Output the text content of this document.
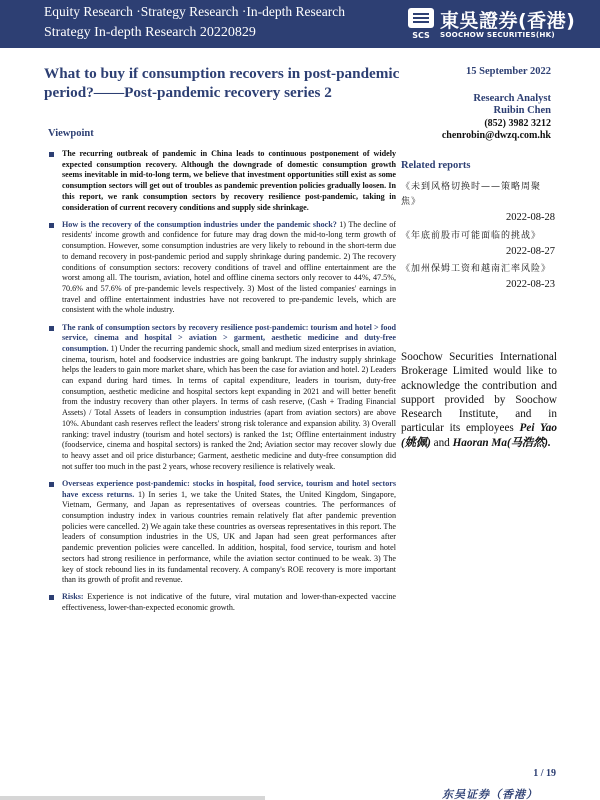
Equity Research ·Strategy Research ·In-depth Research
Strategy In-depth Research 20220829	SCS
東吳證券(香港)
SOOCHOW SECURITIES(HK)
What to buy if consumption recovers in post-pandemic period?——Post-pandemic recovery series 2
Viewpoint

The recurring outbreak of pandemic in China leads to continuous postponement of widely expected consumption recovery. Although the downgrade of domestic consumption growth seems inevitable in mid-to-long term, we believe that investment opportunities still exist as some consumption sectors will get out of troubles as pandemic prevention policies gradually loosen. In this report, we rank consumption sectors by recovery resilience post-pandemic, taking in consideration of current recovery conditions and supply side shrinkage.

How is the recovery of the consumption industries under the pandemic shock? 1) The decline of residents' income growth and confidence for future may drag down the mid-to-long term growth of consumption. However, some consumption industries are very likely to rebound in the short-term due to demand recovery in post-pandemic period and supply shrinkage during pandemic. 2) The recovery conditions of consumption sectors: recovery conditions of travel and offline entertainment are the worst among all. The tourism, aviation, hotel and offline cinema sectors only recover to 44%, 47.5%, 70.6% and 57.6% of pre-pandemic levels respectively. 3) Most of the listed companies' earnings in travel and offline entertainment industries have not recovered to pre-pandemic levels, which are consistent with the whole industry.

The rank of consumption sectors by recovery resilience post-pandemic: tourism and hotel > food service, cinema and hospital > aviation > garment, aesthetic medicine and duty-free consumption. 1) Under the recurring pandemic shock, small and medium sized enterprises in aviation, cinema, tourism, hotel and foodservice industries are going bankrupt. The industry supply shrinkage helps the leaders to gain more market share, which has been the case for aviation and hotel. 2) Leaders can expand during hard times. In terms of capital expenditure, leaders in tourism, duty-free consumption, aesthetic medicine and hospital sectors kept expanding in 2021 and will better benefit from the industry recovery than other players. In terms of cash reserve, (Cash + Trading Financial Assets) / Total Assets of leaders in consumption industries (apart from aviation sectors) are above 10%. Abundant cash reserves reflect the leaders' strong risk tolerance and expansion ability. 3) Overall ranking: travel industry (tourism and hotel sectors) is ranked the 1st; Offline entertainment industry (foodservice, cinema and hospital sectors) is ranked the 2nd; Aviation sector may recover slowly due to heavy asset and oil price disturbance; Garment, aesthetic medicine and duty-free consumption did not suffer too much in the past 2 years, whose recovery resilience is relatively weak.

Overseas experience post-pandemic: stocks in hospital, food service, tourism and hotel sectors have excess returns. 1) In series 1, we take the United States, the United Kingdom, Singapore, Vietnam, Germany, and Japan as representatives of overseas countries. The performances of consumption industry index in various countries remain relatively flat after pandemic prevention policies were cancelled. 2) We again take these countries as overseas representatives in this report. The leaders of consumption industries in the US, UK and Japan had seen great performances after pandemic prevention policies were cancelled. In addition, hospital, food service, tourism and hotel sectors had strong resilience in performance, while the aviation sector continued to be weak. 3) The key of stock rebound lies in its fundamental recovery. A company's ROE recovery is more important than its growth of profit and revenue.

Risks: Experience is not indicative of the future, viral mutation and lower-than-expected vaccine effectiveness, lower-than-expected economic growth.

15 September 2022
Research Analyst
Ruibin Chen
(852) 3982 3212
chenrobin@dwzq.com.hk
Related reports
《未到风格切换时——策略周聚焦》
2022-08-28
《年底前股市可能面临的挑战》
2022-08-27
《加州保姆工资和越南汇率风险》
2022-08-23
Soochow Securities International Brokerage Limited would like to acknowledge the contribution and support provided by Soochow Research Institute, and in particular its employees Pei Yao (姚佩) and Haoran Ma(马浩然).
1 / 19
东吴证券（香港）
